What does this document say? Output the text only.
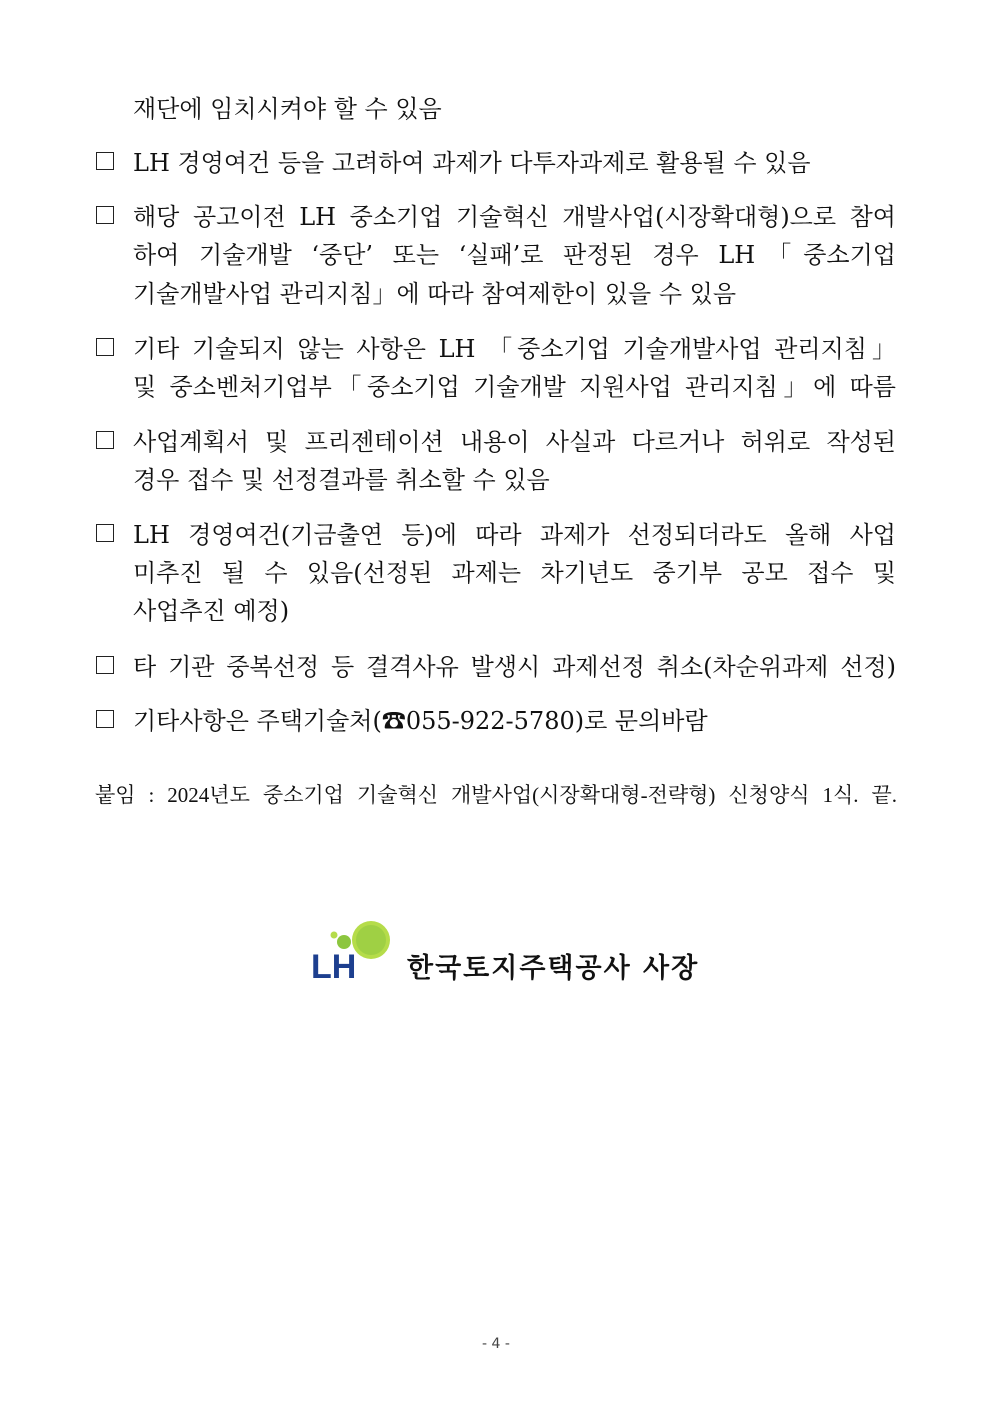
재단에 임치시켜야 할 수 있음
LH 경영여건 등을 고려하여 과제가 다투자과제로 활용될 수 있음
해당 공고이전 LH 중소기업 기술혁신 개발사업(시장확대형)으로 참여
하여 기술개발 ‘중단’ 또는 ‘실패’로 판정된 경우 LH「중소기업
기술개발사업 관리지침」에 따라 참여제한이 있을 수 있음
기타 기술되지 않는 사항은 LH 「중소기업 기술개발사업 관리지침」
및 중소벤처기업부「중소기업 기술개발 지원사업 관리지침」에 따름
사업계획서 및 프리젠테이션 내용이 사실과 다르거나 허위로 작성된
경우 접수 및 선정결과를 취소할 수 있음
LH 경영여건(기금출연 등)에 따라 과제가 선정되더라도 올해 사업
미추진 될 수 있음(선정된 과제는 차기년도 중기부 공모 접수 및
사업추진 예정)
타 기관 중복선정 등 결격사유 발생시 과제선정 취소(차순위과제 선정)
기타사항은 주택기술처(☎055-922-5780)로 문의바람
붙임 : 2024년도 중소기업 기술혁신 개발사업(시장확대형-전략형) 신청양식 1식. 끝.
LH 한국토지주택공사 사장
- 4 -
